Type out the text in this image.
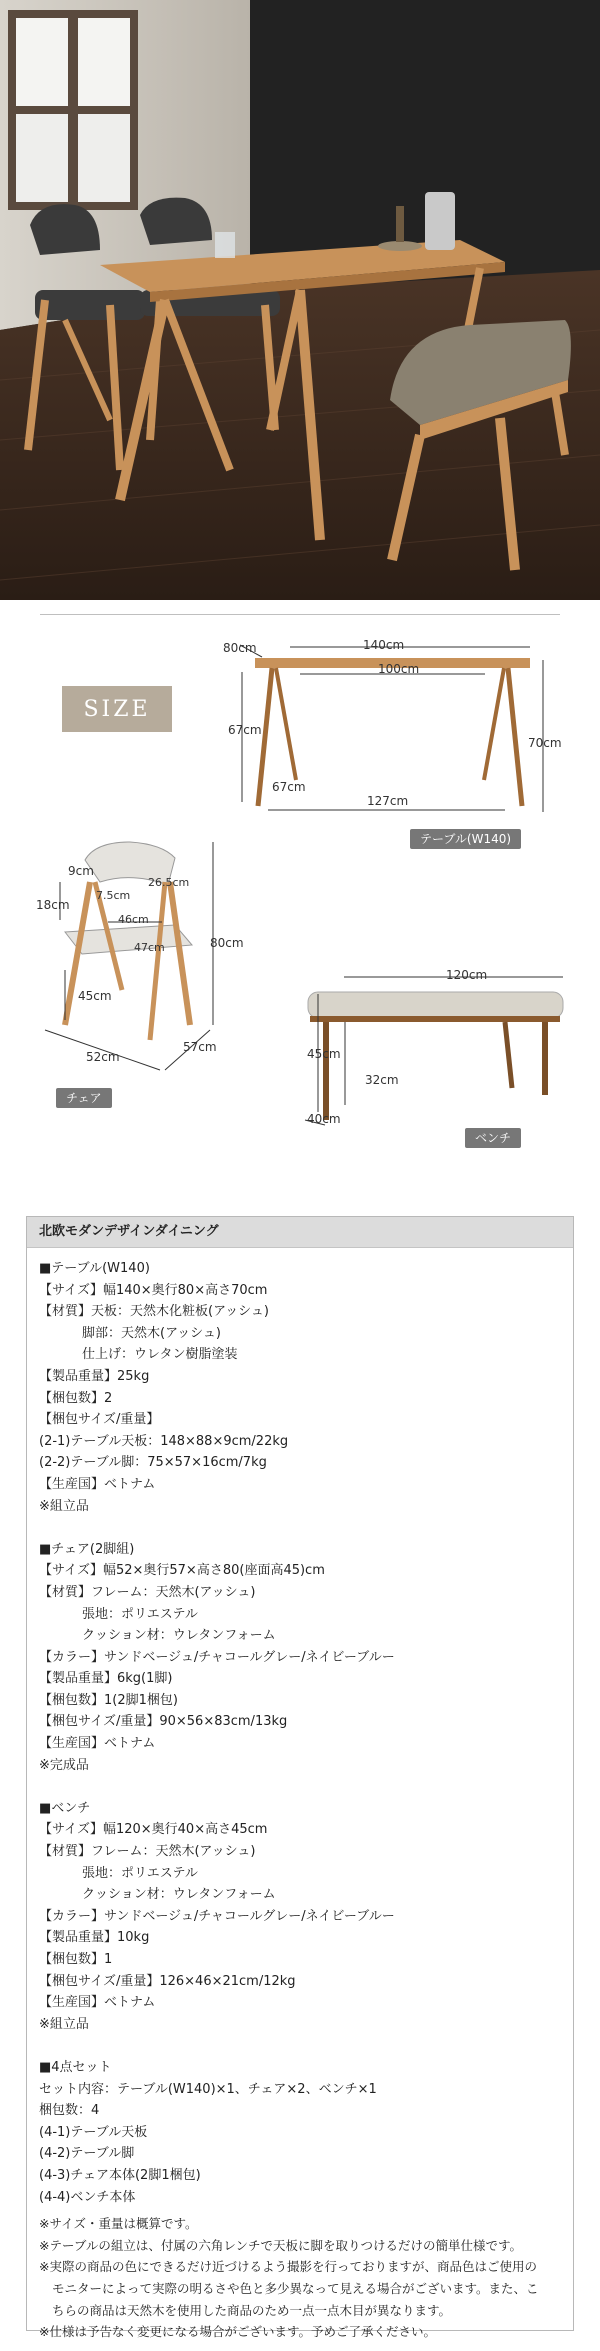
SIZE
140cm
80cm
100cm
67cm
70cm
67cm
127cm
テーブル(W140)
9cm
26.5cm
7.5cm
18cm
46cm
47cm	80cm
45cm
57cm
52cm
チェア
120cm
45cm
32cm
40cm
ベンチ
北欧モダンデザインダイニング
■テーブル(W140)
【サイズ】幅140×奥行80×高さ70cm
【材質】天板：天然木化粧板(アッシュ)
脚部：天然木(アッシュ)
仕上げ：ウレタン樹脂塗装
【製品重量】25kg
【梱包数】2
【梱包サイズ/重量】
(2-1)テーブル天板：148×88×9cm/22kg
(2-2)テーブル脚：75×57×16cm/7kg
【生産国】ベトナム
※組立品
■チェア(2脚組)
【サイズ】幅52×奥行57×高さ80(座面高45)cm
【材質】フレーム：天然木(アッシュ)
張地：ポリエステル
クッション材：ウレタンフォーム
【カラー】サンドベージュ/チャコールグレー/ネイビーブルー
【製品重量】6kg(1脚)
【梱包数】1(2脚1梱包)
【梱包サイズ/重量】90×56×83cm/13kg
【生産国】ベトナム
※完成品
■ベンチ
【サイズ】幅120×奥行40×高さ45cm
【材質】フレーム：天然木(アッシュ)
張地：ポリエステル
クッション材：ウレタンフォーム
【カラー】サンドベージュ/チャコールグレー/ネイビーブルー
【製品重量】10kg
【梱包数】1
【梱包サイズ/重量】126×46×21cm/12kg
【生産国】ベトナム
※組立品
■4点セット
セット内容：テーブル(W140)×1、チェア×2、ベンチ×1
梱包数：4
(4-1)テーブル天板
(4-2)テーブル脚
(4-3)チェア本体(2脚1梱包)
(4-4)ベンチ本体
※サイズ・重量は概算です。
※テーブルの組立は、付属の六角レンチで天板に脚を取りつけるだけの簡単仕様です。
※実際の商品の色にできるだけ近づけるよう撮影を行っておりますが、商品色はご使用の
モニターによって実際の明るさや色と多少異なって見える場合がございます。また、こ
ちらの商品は天然木を使用した商品のため一点一点木目が異なります。
※仕様は予告なく変更になる場合がございます。予めご了承ください。
